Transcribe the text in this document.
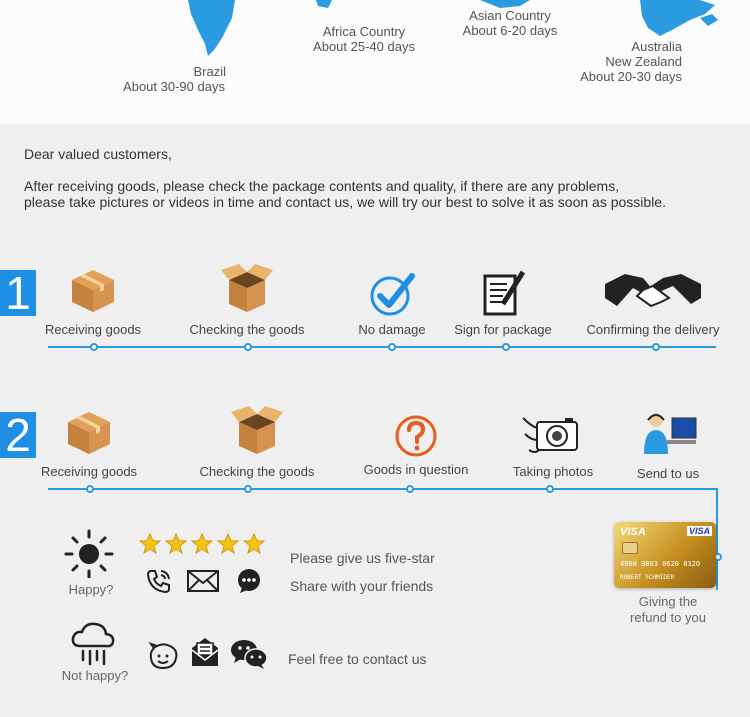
Brazil
About 30-90 days
Africa Country
About 25-40 days
Asian Country
About 6-20 days
Australia
New Zealand
About 20-30 days
Dear valued customers,
After receiving goods, please check the package contents and quality, if there are any problems,
please take pictures or videos in time and contact us, we will try our best to solve it as soon as possible.
1
Receiving goods	Checking the goods	No damage	Sign for package	Confirming the delivery
2
Receiving goods	Checking the goods	Goods in question	Taking photos	Send to us
VISA	VISA
4000 0803 0620 0320
ROBERT SCHMIDER
Giving the
refund to you
Happy?
Please give us five-star
Share with your friends
Not happy?
Feel free to contact us
